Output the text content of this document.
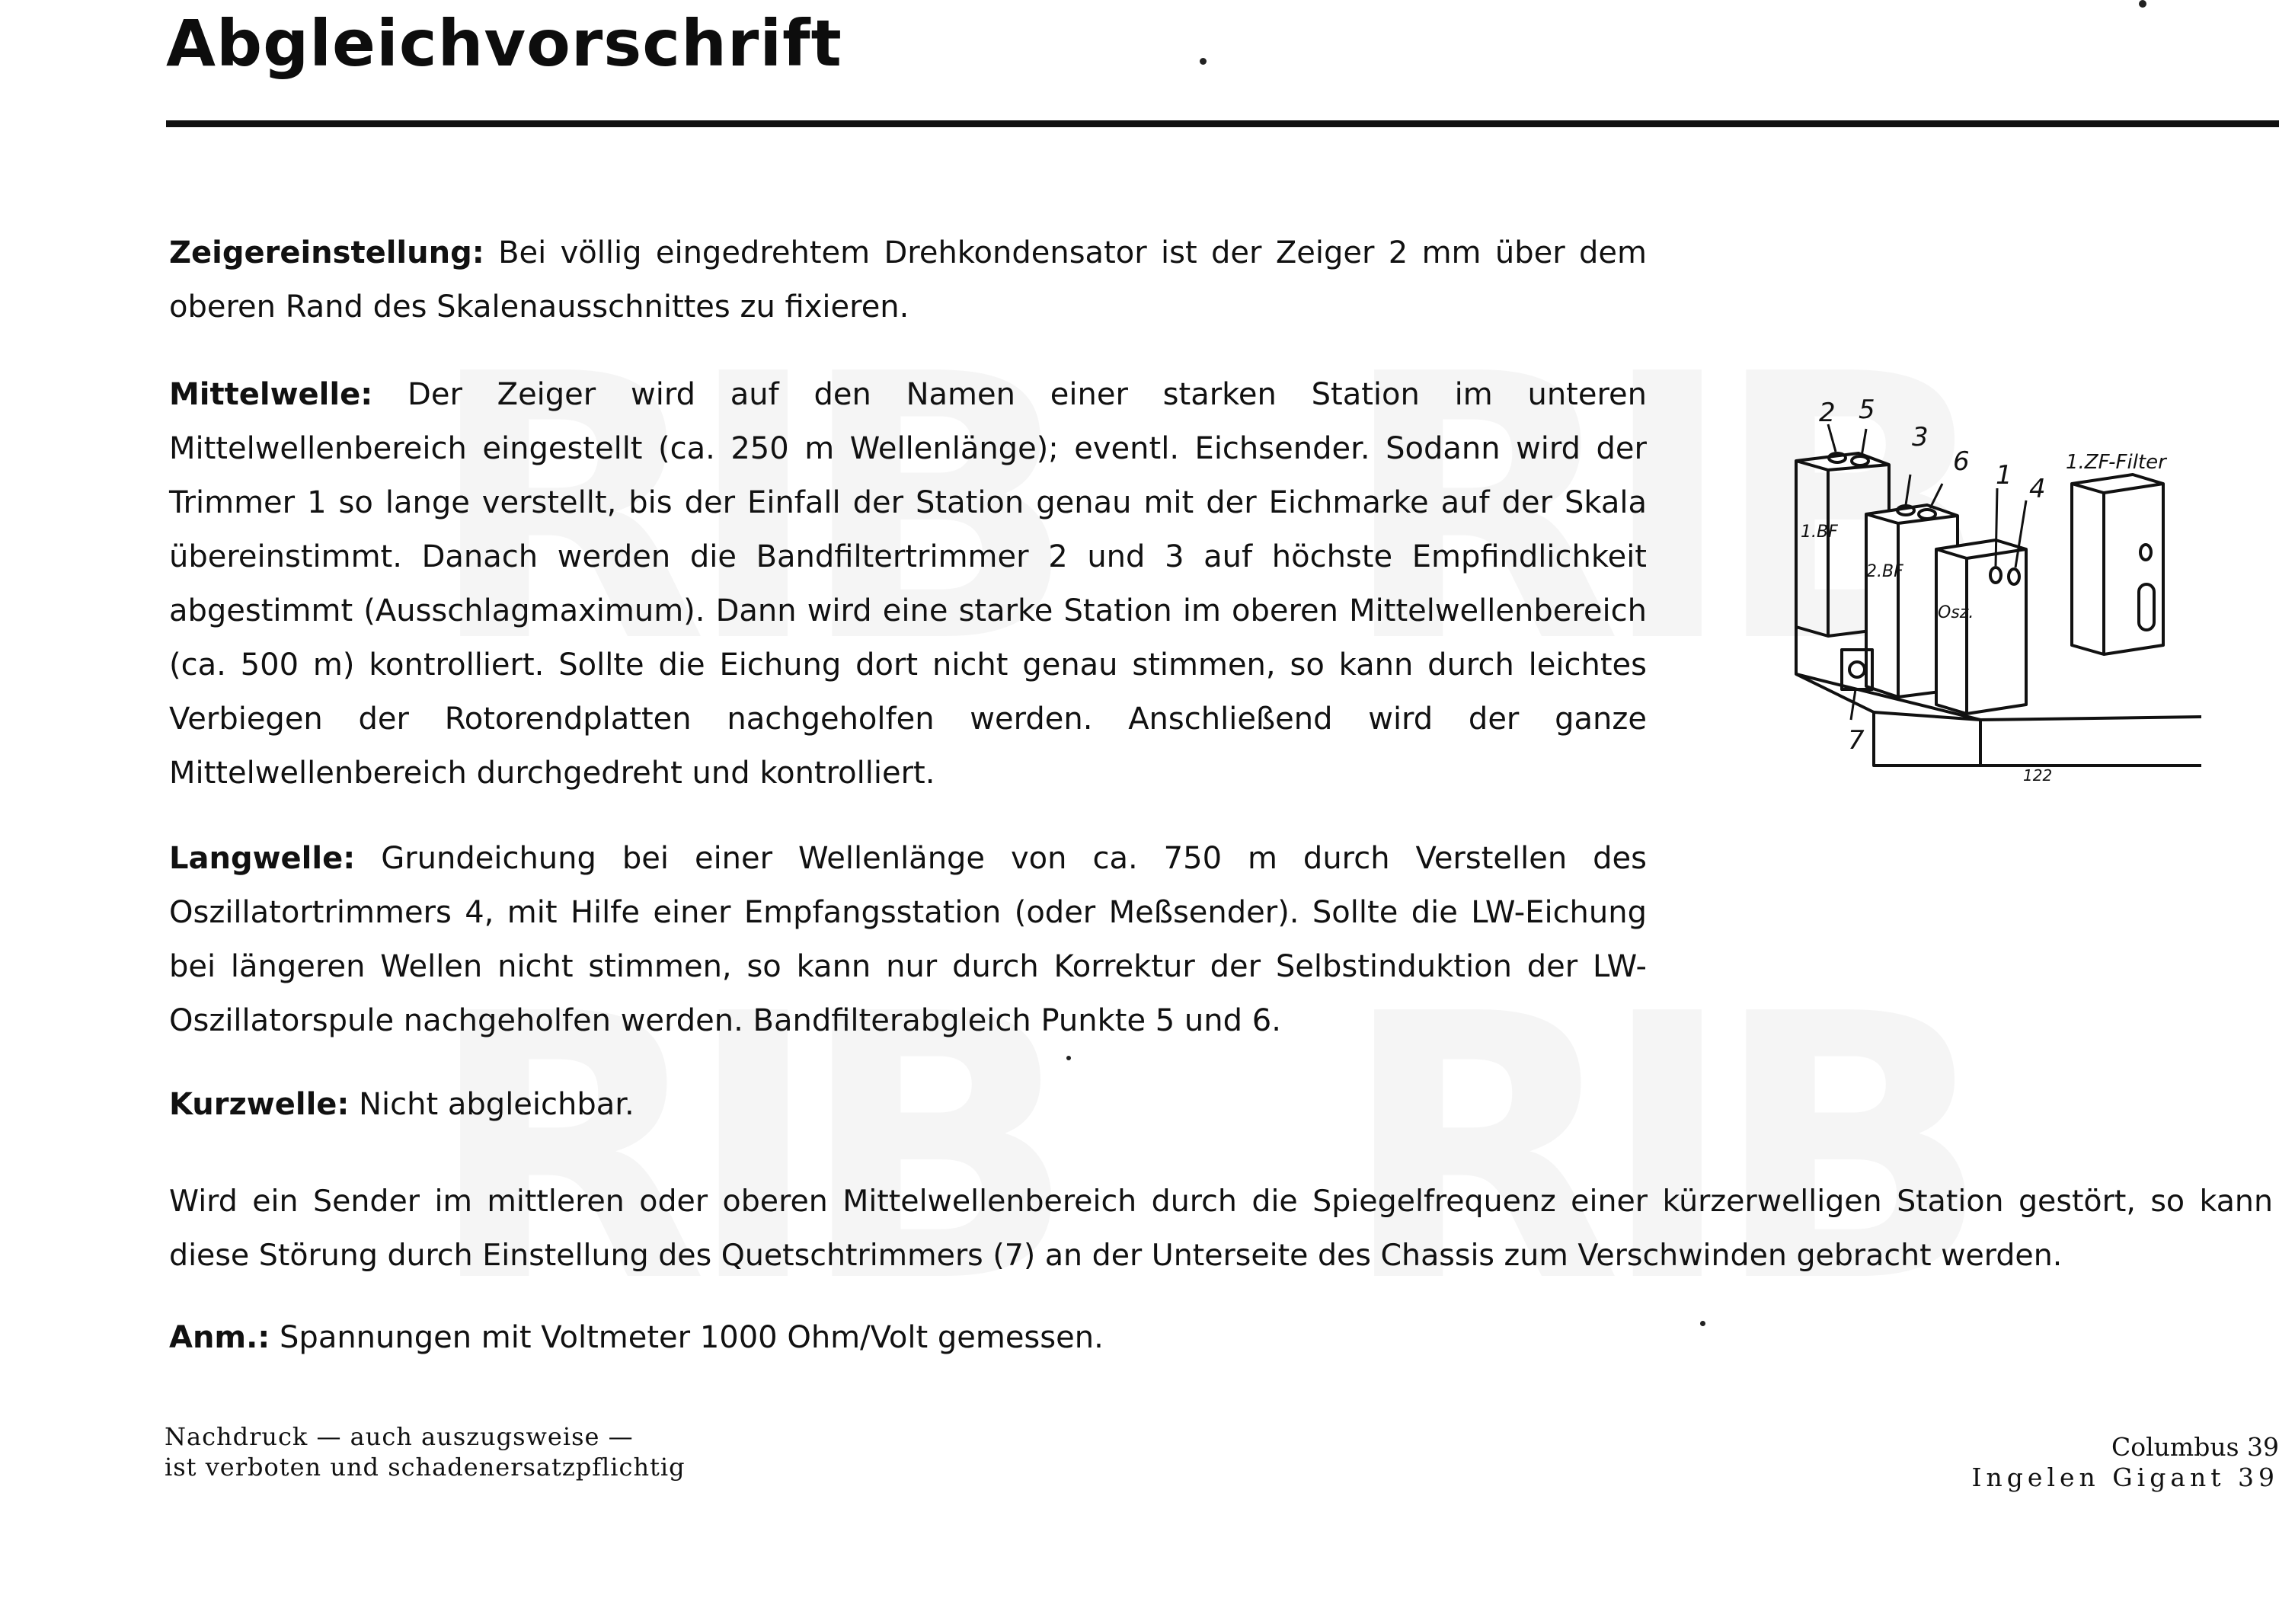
Abgleichvorschrift

Zeigereinstellung: Bei völlig eingedrehtem Drehkondensator ist der Zeiger 2 mm über dem oberen Rand des Skalenausschnittes zu fixieren.

Mittelwelle: Der Zeiger wird auf den Namen einer starken Station im unteren Mittelwellenbereich eingestellt (ca. 250 m Wellenlänge); eventl. Eichsender. Sodann wird der Trimmer 1 so lange verstellt, bis der Einfall der Station genau mit der Eichmarke auf der Skala übereinstimmt. Danach werden die Bandfiltertrimmer 2 und 3 auf höchste Empfindlichkeit abgestimmt (Ausschlagmaximum). Dann wird eine starke Station im oberen Mittelwellenbereich (ca. 500 m) kontrolliert. Sollte die Eichung dort nicht genau stimmen, so kann durch leichtes Verbiegen der Rotorendplatten nachgeholfen werden. Anschließend wird der ganze Mittelwellenbereich durchgedreht und kontrolliert.

Langwelle: Grundeichung bei einer Wellenlänge von ca. 750 m durch Verstellen des Oszillatortrimmers 4, mit Hilfe einer Empfangsstation (oder Meßsender). Sollte die LW-Eichung bei längeren Wellen nicht stimmen, so kann nur durch Korrektur der Selbstinduktion der LW-Oszillatorspule nachgeholfen werden. Bandfilterabgleich Punkte 5 und 6.

Kurzwelle: Nicht abgleichbar.

Wird ein Sender im mittleren oder oberen Mittelwellenbereich durch die Spiegelfrequenz einer kürzerwelligen Station gestört, so kann diese Störung durch Einstellung des Quetschtrimmers (7) an der Unterseite des Chassis zum Verschwinden gebracht werden.

Anm.: Spannungen mit Voltmeter 1000 Ohm/Volt gemessen.

2 5
3
6 1 4
7
1.BF
2.BF
Osz.
1.ZF-Filter
122
Nachdruck — auch auszugsweise —
ist verboten und schadenersatzpflichtig
Columbus 39
Ingelen Gigant 39
